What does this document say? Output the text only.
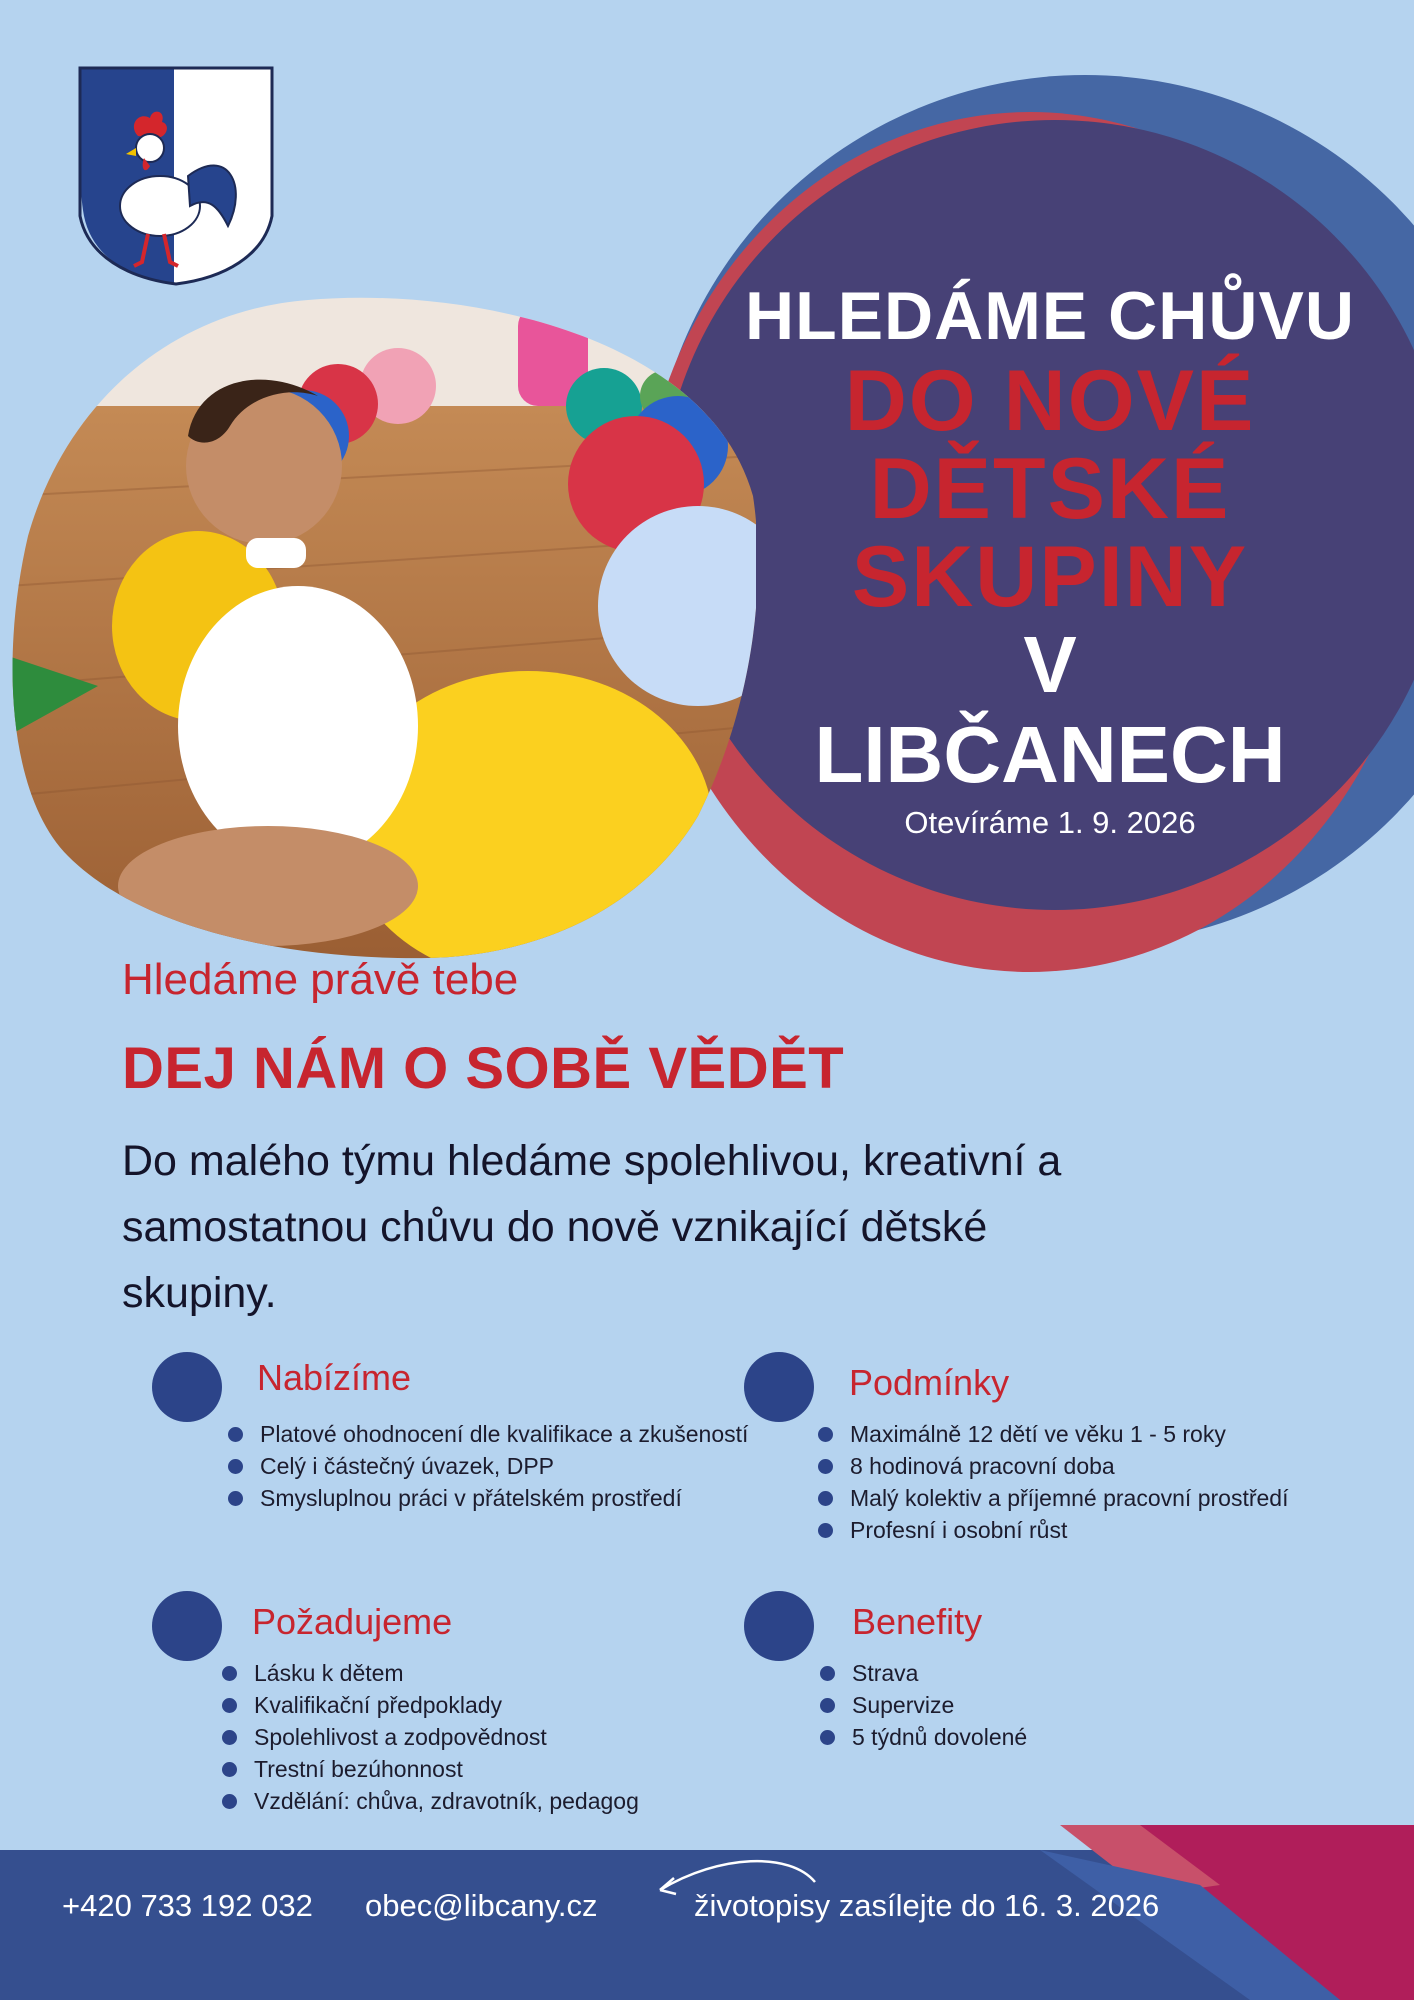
HLEDÁME CHŮVU
DO NOVÉ
DĚTSKÉ
SKUPINY
V
LIBČANECH
Otevíráme 1. 9. 2026
Hledáme právě tebe
DEJ NÁM O SOBĚ VĚDĚT
Do malého týmu hledáme spolehlivou, kreativní a samostatnou chůvu do nově vznikající dětské skupiny.
Nabízíme
Platové ohodnocení dle kvalifikace a zkušeností
Celý i částečný úvazek, DPP
Smysluplnou práci v přátelském prostředí
Podmínky
Maximálně 12 dětí ve věku 1 - 5 roky
8 hodinová pracovní doba
Malý kolektiv a příjemné pracovní prostředí
Profesní i osobní růst
Požadujeme
Lásku k dětem
Kvalifikační předpoklady
Spolehlivost a zodpovědnost
Trestní bezúhonnost
Vzdělání: chůva, zdravotník, pedagog
Benefity
Strava
Supervize
5 týdnů dovolené
+420 733 192 032 obec@libcany.cz	životopisy zasílejte do 16. 3. 2026
